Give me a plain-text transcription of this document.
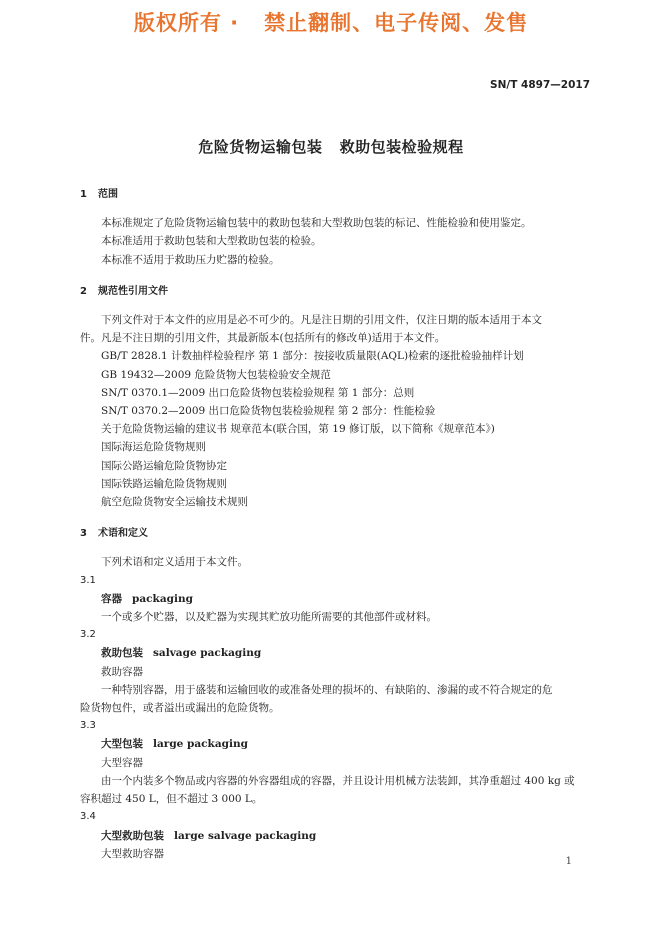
版权所有 ·   禁止翻制、电子传阅、发售
SN/T 4897—2017
危险货物运输包装   救助包装检验规程
1 范围
本标准规定了危险货物运输包装中的救助包装和大型救助包装的标记、性能检验和使用鉴定。
本标准适用于救助包装和大型救助包装的检验。
本标准不适用于救助压力贮器的检验。
2 规范性引用文件
下列文件对于本文件的应用是必不可少的。凡是注日期的引用文件，仅注日期的版本适用于本文
件。凡是不注日期的引用文件，其最新版本(包括所有的修改单)适用于本文件。
GB/T 2828.1 计数抽样检验程序 第 1 部分：按接收质量限(AQL)检索的逐批检验抽样计划
GB 19432—2009 危险货物大包装检验安全规范
SN/T 0370.1—2009 出口危险货物包装检验规程 第 1 部分：总则
SN/T 0370.2—2009 出口危险货物包装检验规程 第 2 部分：性能检验
关于危险货物运输的建议书 规章范本(联合国，第 19 修订版，以下简称《规章范本》)
国际海运危险货物规则
国际公路运输危险货物协定
国际铁路运输危险货物规则
航空危险货物安全运输技术规则
3 术语和定义
下列术语和定义适用于本文件。
3.1
容器 packaging
一个或多个贮器，以及贮器为实现其贮放功能所需要的其他部件或材料。
3.2
救助包装 salvage packaging
救助容器
一种特别容器，用于盛装和运输回收的或准备处理的损坏的、有缺陷的、渗漏的或不符合规定的危
险货物包件，或者溢出或漏出的危险货物。
3.3
大型包装 large packaging
大型容器
由一个内装多个物品或内容器的外容器组成的容器，并且设计用机械方法装卸，其净重超过 400 kg 或
容积超过 450 L，但不超过 3 000 L。
3.4
大型救助包装 large salvage packaging
大型救助容器
1
